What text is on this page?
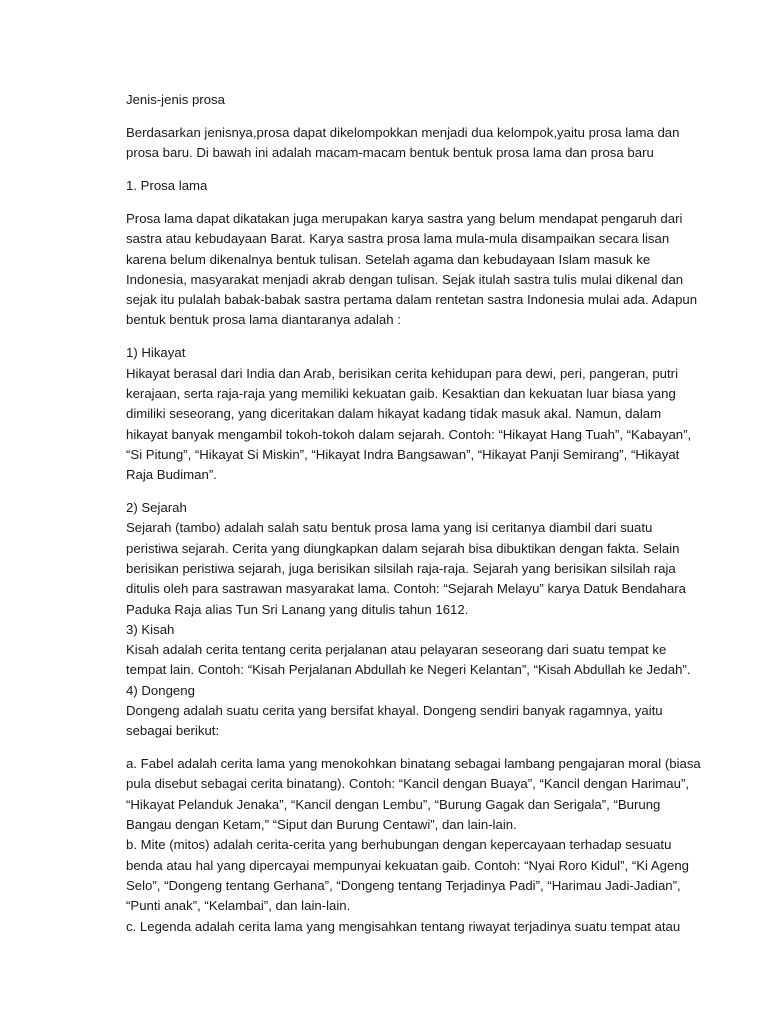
Jenis-jenis prosa
Berdasarkan jenisnya,prosa dapat dikelompokkan menjadi dua kelompok,yaitu prosa lama dan
prosa baru. Di bawah ini adalah macam-macam bentuk bentuk prosa lama dan prosa baru
1. Prosa lama
Prosa lama dapat dikatakan juga merupakan karya sastra yang belum mendapat pengaruh dari
sastra atau kebudayaan Barat. Karya sastra prosa lama mula-mula disampaikan secara lisan
karena belum dikenalnya bentuk tulisan. Setelah agama dan kebudayaan Islam masuk ke
Indonesia, masyarakat menjadi akrab dengan tulisan. Sejak itulah sastra tulis mulai dikenal dan
sejak itu pulalah babak-babak sastra pertama dalam rentetan sastra Indonesia mulai ada. Adapun
bentuk bentuk prosa lama diantaranya adalah :
1) Hikayat
Hikayat berasal dari India dan Arab, berisikan cerita kehidupan para dewi, peri, pangeran, putri
kerajaan, serta raja-raja yang memiliki kekuatan gaib. Kesaktian dan kekuatan luar biasa yang
dimiliki seseorang, yang diceritakan dalam hikayat kadang tidak masuk akal. Namun, dalam
hikayat banyak mengambil tokoh-tokoh dalam sejarah. Contoh: “Hikayat Hang Tuah”, “Kabayan”,
“Si Pitung”, “Hikayat Si Miskin”, “Hikayat Indra Bangsawan”, “Hikayat Panji Semirang”, “Hikayat
Raja Budiman”.
2) Sejarah
Sejarah (tambo) adalah salah satu bentuk prosa lama yang isi ceritanya diambil dari suatu
peristiwa sejarah. Cerita yang diungkapkan dalam sejarah bisa dibuktikan dengan fakta. Selain
berisikan peristiwa sejarah, juga berisikan silsilah raja-raja. Sejarah yang berisikan silsilah raja
ditulis oleh para sastrawan masyarakat lama. Contoh: “Sejarah Melayu” karya Datuk Bendahara
Paduka Raja alias Tun Sri Lanang yang ditulis tahun 1612.
3) Kisah
Kisah adalah cerita tentang cerita perjalanan atau pelayaran seseorang dari suatu tempat ke
tempat lain. Contoh: “Kisah Perjalanan Abdullah ke Negeri Kelantan”, “Kisah Abdullah ke Jedah”.
4) Dongeng
Dongeng adalah suatu cerita yang bersifat khayal. Dongeng sendiri banyak ragamnya, yaitu
sebagai berikut:
a. Fabel adalah cerita lama yang menokohkan binatang sebagai lambang pengajaran moral (biasa
pula disebut sebagai cerita binatang). Contoh: “Kancil dengan Buaya”, “Kancil dengan Harimau”,
“Hikayat Pelanduk Jenaka”, “Kancil dengan Lembu”, “Burung Gagak dan Serigala”, “Burung
Bangau dengan Ketam,” “Siput dan Burung Centawi”, dan lain-lain.
b. Mite (mitos) adalah cerita-cerita yang berhubungan dengan kepercayaan terhadap sesuatu
benda atau hal yang dipercayai mempunyai kekuatan gaib. Contoh: “Nyai Roro Kidul”, “Ki Ageng
Selo”, “Dongeng tentang Gerhana”, “Dongeng tentang Terjadinya Padi”, “Harimau Jadi-Jadian”,
“Punti anak”, “Kelambai”, dan lain-lain.
c. Legenda adalah cerita lama yang mengisahkan tentang riwayat terjadinya suatu tempat atau
